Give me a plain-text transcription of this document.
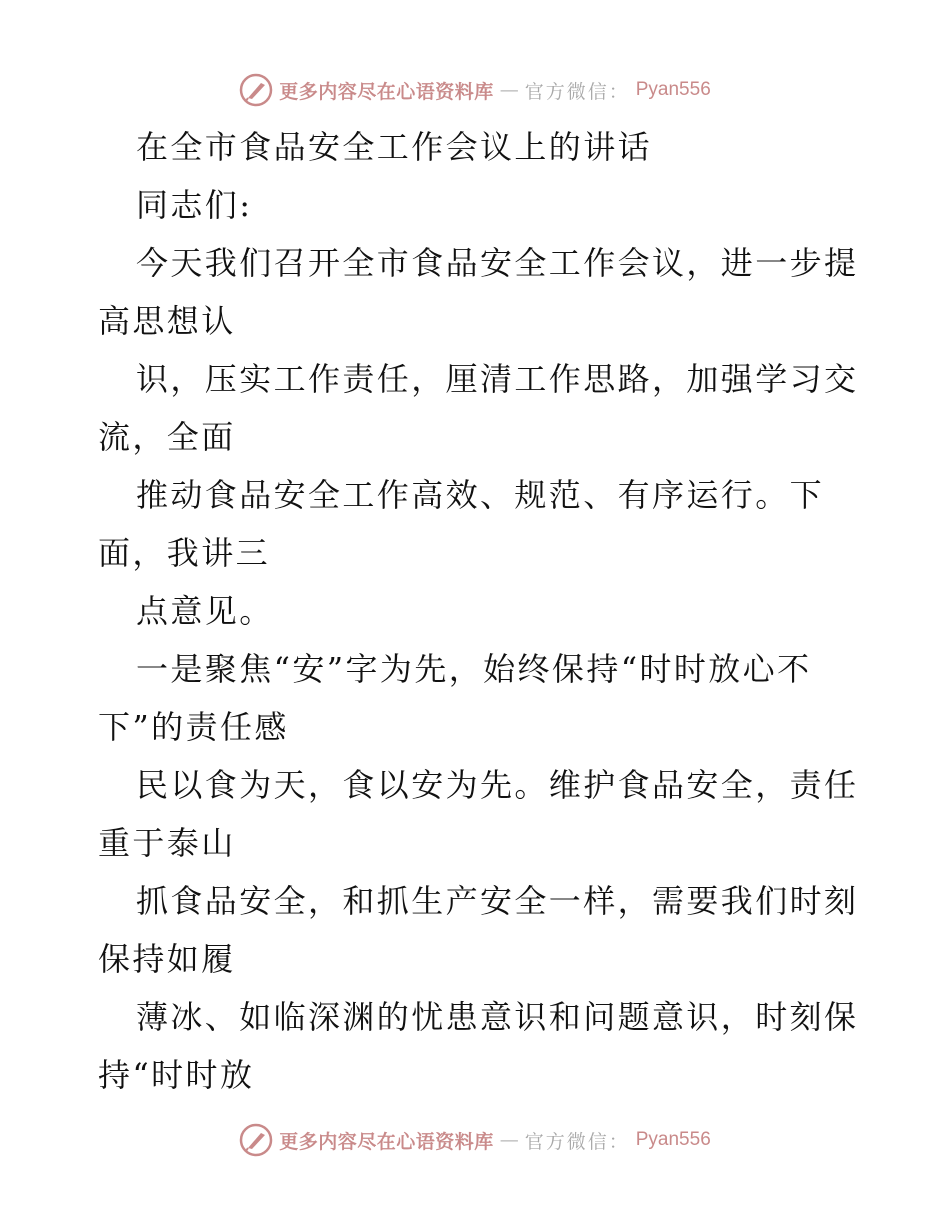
更多内容尽在心语资料库 — 官方微信： Pyan556
在全市食品安全工作会议上的讲话
同志们:
今天我们召开全市食品安全工作会议，进一步提
高思想认
识，压实工作责任，厘清工作思路，加强学习交
流，全面
推动食品安全工作高效、规范、有序运行。下
面，我讲三
点意见。
一是聚焦“安”字为先，始终保持“时时放心不
下”的责任感
民以食为天，食以安为先。维护食品安全，责任
重于泰山
抓食品安全，和抓生产安全一样，需要我们时刻
保持如履
薄冰、如临深渊的忧患意识和问题意识，时刻保
持“时时放
更多内容尽在心语资料库 — 官方微信： Pyan556
